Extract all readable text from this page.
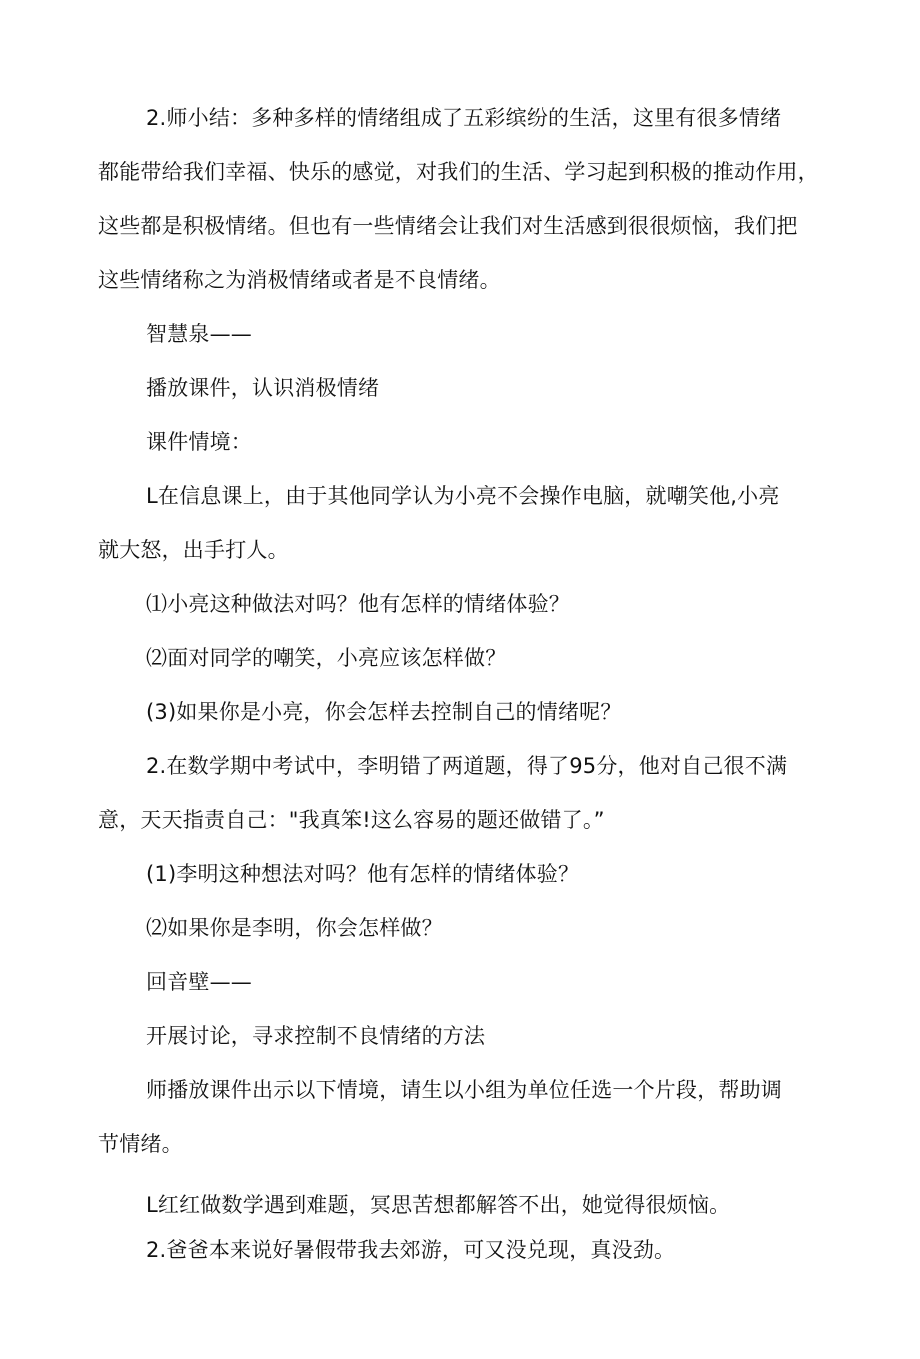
2.师小结：多种多样的情绪组成了五彩缤纷的生活，这里有很多情绪
都能带给我们幸福、快乐的感觉，对我们的生活、学习起到积极的推动作用，
这些都是积极情绪。但也有一些情绪会让我们对生活感到很很烦恼，我们把
这些情绪称之为消极情绪或者是不良情绪。
智慧泉——
播放课件，认识消极情绪
课件情境：
L在信息课上，由于其他同学认为小亮不会操作电脑，就嘲笑他,小亮
就大怒，出手打人。
⑴小亮这种做法对吗？他有怎样的情绪体验？
⑵面对同学的嘲笑，小亮应该怎样做？
(3)如果你是小亮，你会怎样去控制自己的情绪呢？
2.在数学期中考试中，李明错了两道题，得了95分，他对自己很不满
意，天天指责自己："我真笨!这么容易的题还做错了。”
(1)李明这种想法对吗？他有怎样的情绪体验？
⑵如果你是李明，你会怎样做？
回音壁——
开展讨论，寻求控制不良情绪的方法
师播放课件出示以下情境，请生以小组为单位任选一个片段，帮助调
节情绪。
L红红做数学遇到难题，冥思苦想都解答不出，她觉得很烦恼。
2.爸爸本来说好暑假带我去郊游，可又没兑现，真没劲。
